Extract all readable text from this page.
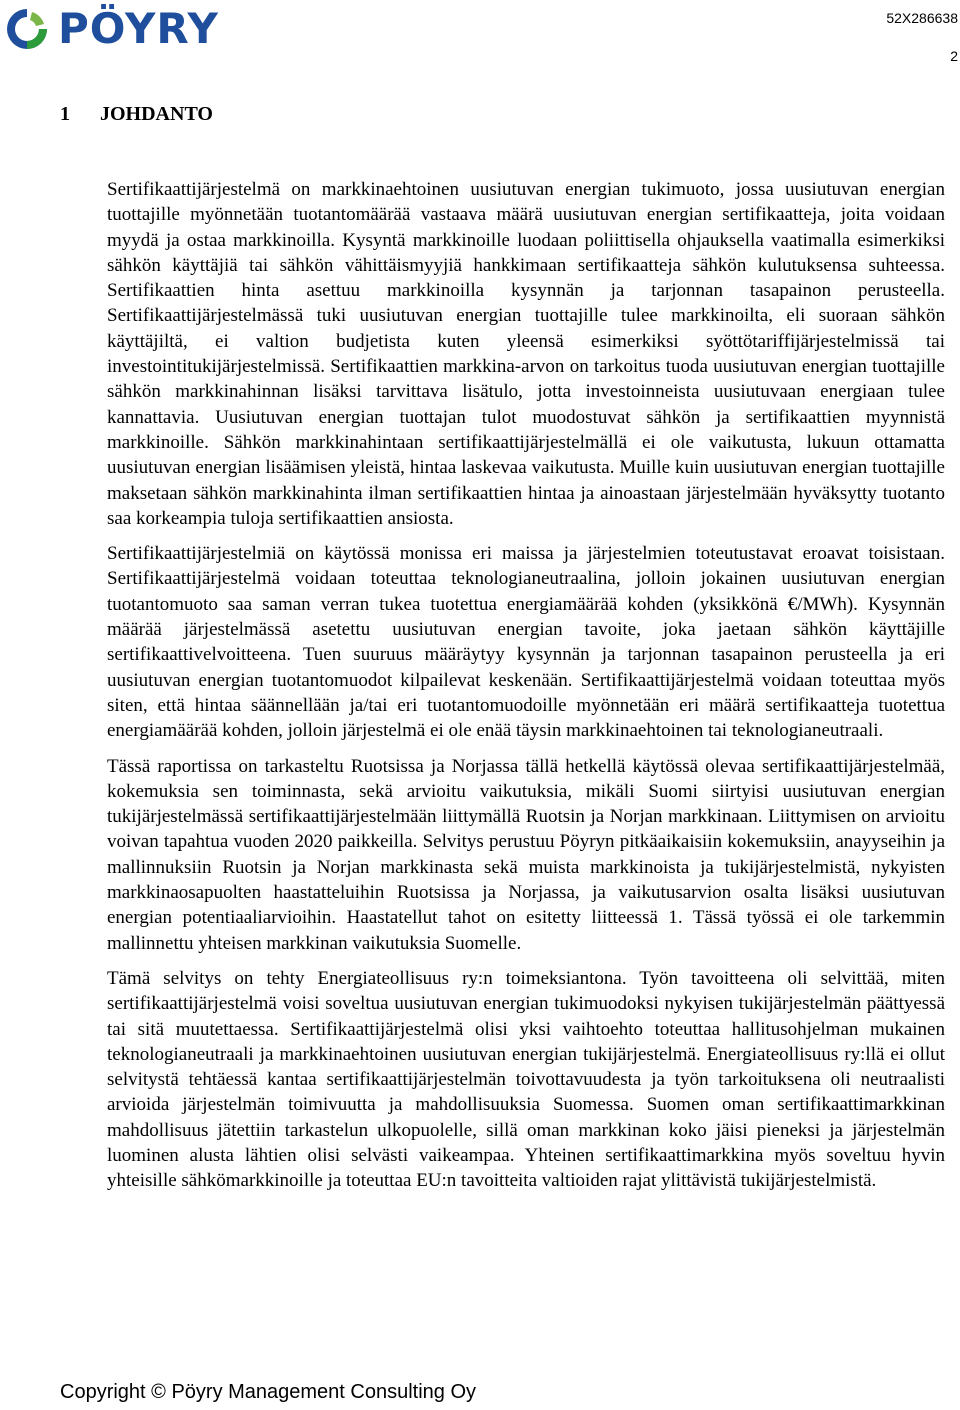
PÖYRY	52X286638
2
1	JOHDANTO

Sertifikaattijärjestelmä on markkinaehtoinen uusiutuvan energian tukimuoto, jossa uusiutuvan energian tuottajille myönnetään tuotantomäärää vastaava määrä uusiutuvan energian sertifikaatteja, joita voidaan myydä ja ostaa markkinoilla. Kysyntä markkinoille luodaan poliittisella ohjauksella vaatimalla esimerkiksi sähkön käyttäjiä tai sähkön vähittäismyyjiä hankkimaan sertifikaatteja sähkön kulutuksensa suhteessa. Sertifikaattien hinta asettuu markkinoilla kysynnän ja tarjonnan tasapainon perusteella. Sertifikaattijärjestelmässä tuki uusiutuvan energian tuottajille tulee markkinoilta, eli suoraan sähkön käyttäjiltä, ei valtion budjetista kuten yleensä esimerkiksi syöttötariffijärjestelmissä tai investointitukijärjestelmissä. Sertifikaattien markkina-arvon on tarkoitus tuoda uusiutuvan energian tuottajille sähkön markkinahinnan lisäksi tarvittava lisätulo, jotta investoinneista uusiutuvaan energiaan tulee kannattavia. Uusiutuvan energian tuottajan tulot muodostuvat sähkön ja sertifikaattien myynnistä markkinoille. Sähkön markkinahintaan sertifikaattijärjestelmällä ei ole vaikutusta, lukuun ottamatta uusiutuvan energian lisäämisen yleistä, hintaa laskevaa vaikutusta. Muille kuin uusiutuvan energian tuottajille maksetaan sähkön markkinahinta ilman sertifikaattien hintaa ja ainoastaan järjestelmään hyväksytty tuotanto saa korkeampia tuloja sertifikaattien ansiosta.

Sertifikaattijärjestelmiä on käytössä monissa eri maissa ja järjestelmien toteutustavat eroavat toisistaan. Sertifikaattijärjestelmä voidaan toteuttaa teknologianeutraalina, jolloin jokainen uusiutuvan energian tuotantomuoto saa saman verran tukea tuotettua energiamäärää kohden (yksikkönä €/MWh). Kysynnän määrää järjestelmässä asetettu uusiutuvan energian tavoite, joka jaetaan sähkön käyttäjille sertifikaattivelvoitteena. Tuen suuruus määräytyy kysynnän ja tarjonnan tasapainon perusteella ja eri uusiutuvan energian tuotantomuodot kilpailevat keskenään. Sertifikaattijärjestelmä voidaan toteuttaa myös siten, että hintaa säännellään ja/tai eri tuotantomuodoille myönnetään eri määrä sertifikaatteja tuotettua energiamäärää kohden, jolloin järjestelmä ei ole enää täysin markkinaehtoinen tai teknologianeutraali.

Tässä raportissa on tarkasteltu Ruotsissa ja Norjassa tällä hetkellä käytössä olevaa sertifikaattijärjestelmää, kokemuksia sen toiminnasta, sekä arvioitu vaikutuksia, mikäli Suomi siirtyisi uusiutuvan energian tukijärjestelmässä sertifikaattijärjestelmään liittymällä Ruotsin ja Norjan markkinaan. Liittymisen on arvioitu voivan tapahtua vuoden 2020 paikkeilla. Selvitys perustuu Pöyryn pitkäaikaisiin kokemuksiin, anayyseihin ja mallinnuksiin Ruotsin ja Norjan markkinasta sekä muista markkinoista ja tukijärjestelmistä, nykyisten markkinaosapuolten haastatteluihin Ruotsissa ja Norjassa, ja vaikutusarvion osalta lisäksi uusiutuvan energian potentiaaliarvioihin. Haastatellut tahot on esitetty liitteessä 1. Tässä työssä ei ole tarkemmin mallinnettu yhteisen markkinan vaikutuksia Suomelle.

Tämä selvitys on tehty Energiateollisuus ry:n toimeksiantona. Työn tavoitteena oli selvittää, miten sertifikaattijärjestelmä voisi soveltua uusiutuvan energian tukimuodoksi nykyisen tukijärjestelmän päättyessä tai sitä muutettaessa. Sertifikaattijärjestelmä olisi yksi vaihtoehto toteuttaa hallitusohjelman mukainen teknologianeutraali ja markkinaehtoinen uusiutuvan energian tukijärjestelmä. Energiateollisuus ry:llä ei ollut selvitystä tehtäessä kantaa sertifikaattijärjestelmän toivottavuudesta ja työn tarkoituksena oli neutraalisti arvioida järjestelmän toimivuutta ja mahdollisuuksia Suomessa. Suomen oman sertifikaattimarkkinan mahdollisuus jätettiin tarkastelun ulkopuolelle, sillä oman markkinan koko jäisi pieneksi ja järjestelmän luominen alusta lähtien olisi selvästi vaikeampaa. Yhteinen sertifikaattimarkkina myös soveltuu hyvin yhteisille sähkömarkkinoille ja toteuttaa EU:n tavoitteita valtioiden rajat ylittävistä tukijärjestelmistä.

Copyright © Pöyry Management Consulting Oy
